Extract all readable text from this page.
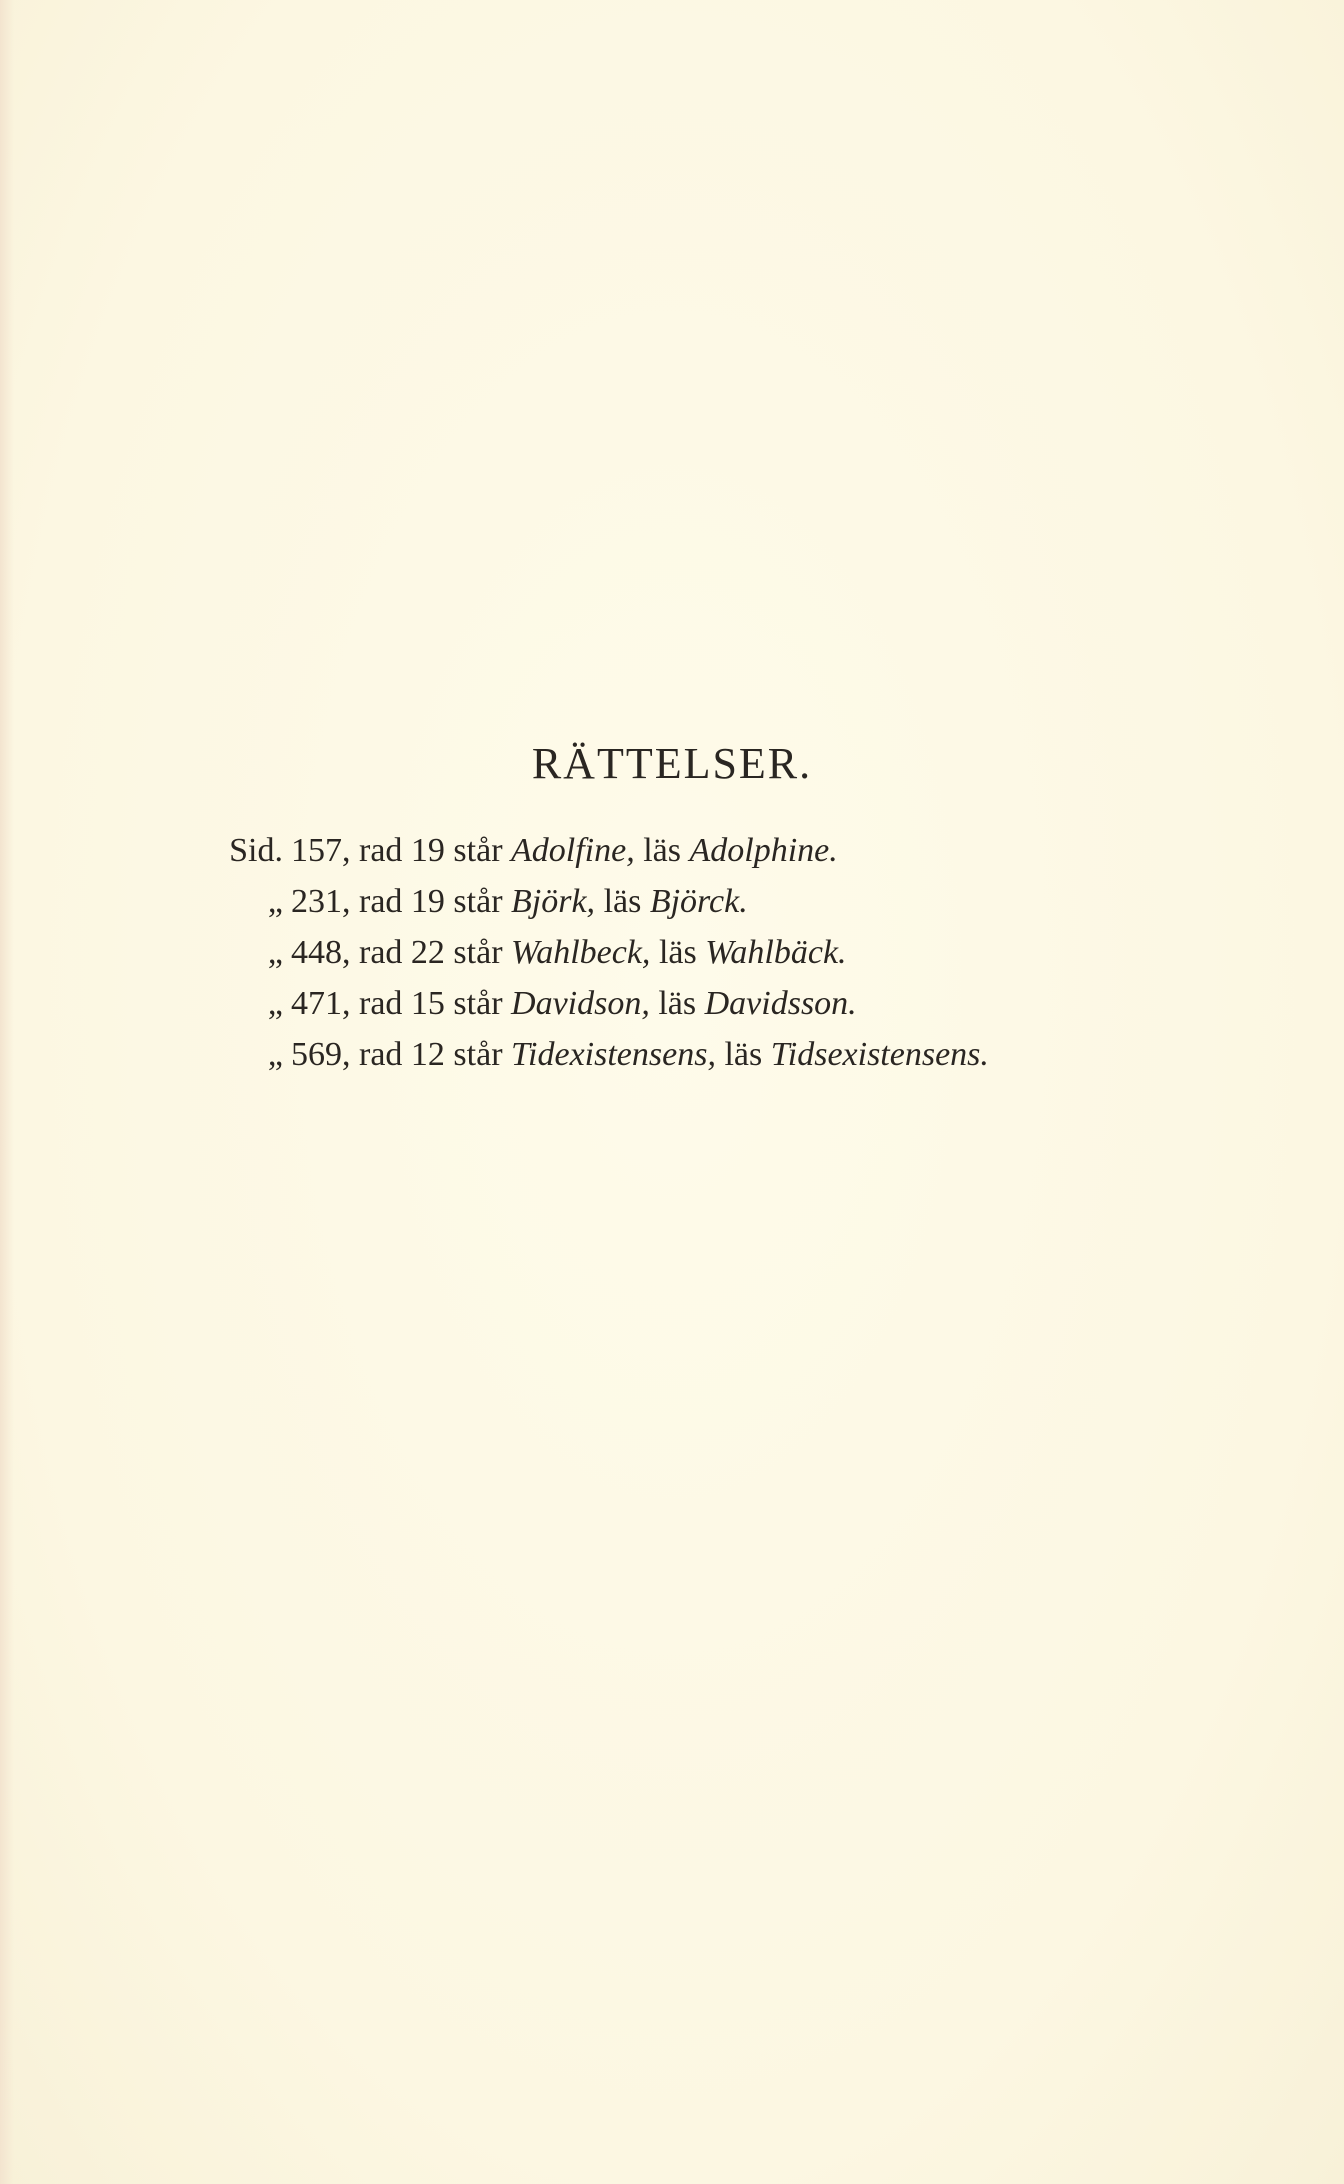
RÄTTELSER.
Sid. 157, rad 19 står Adolfine, läs Adolphine.
„ 231, rad 19 står Björk, läs Björck.
„ 448, rad 22 står Wahlbeck, läs Wahlbäck.
„ 471, rad 15 står Davidson, läs Davidsson.
„ 569, rad 12 står Tidexistensens, läs Tidsexistensens.
